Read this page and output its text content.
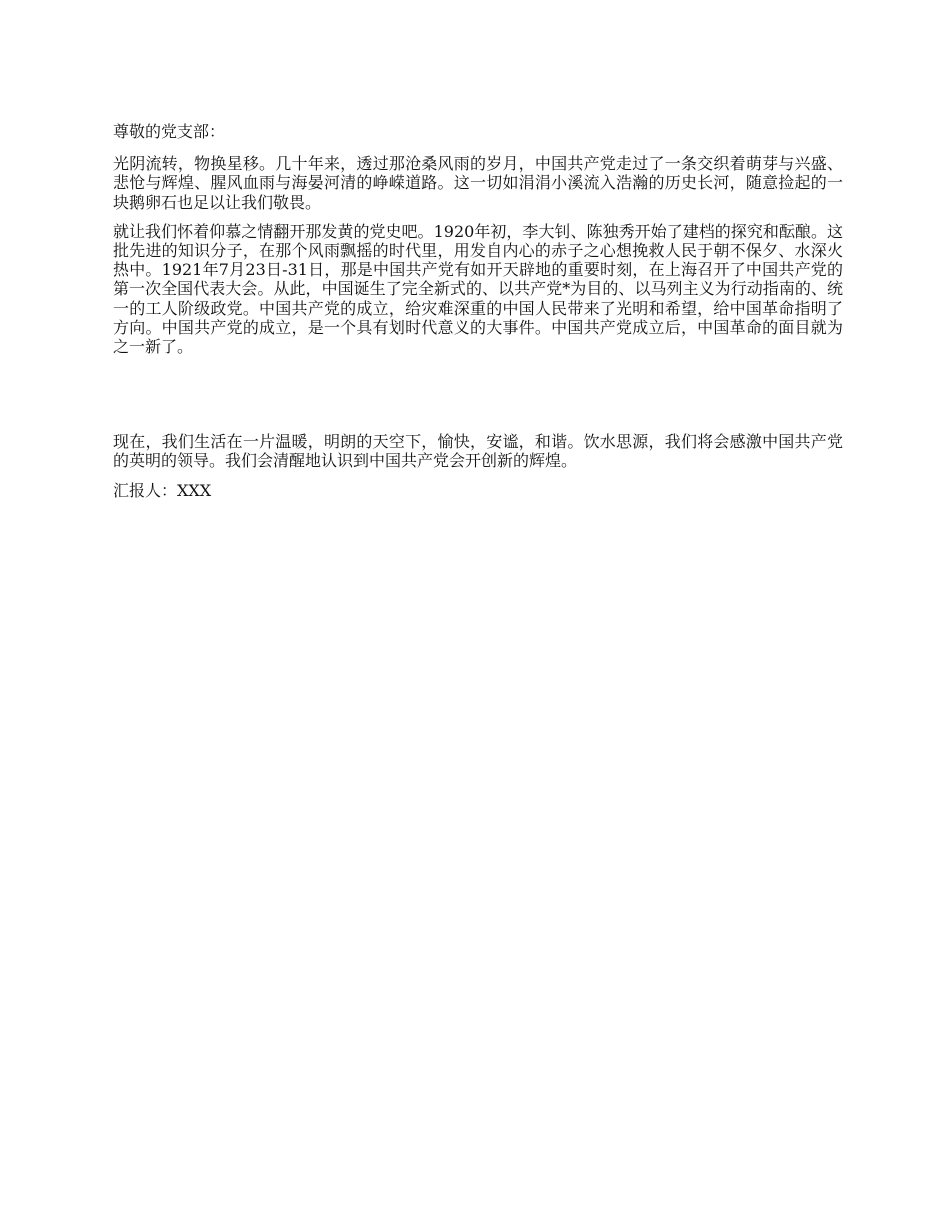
尊敬的党支部：

光阴流转，物换星移。几十年来，透过那沧桑风雨的岁月，中国共产党走过了一条交织着萌芽与兴盛、悲怆与辉煌、腥风血雨与海晏河清的峥嵘道路。这一切如涓涓小溪流入浩瀚的历史长河，随意捡起的一块鹅卵石也足以让我们敬畏。

就让我们怀着仰慕之情翻开那发黄的党史吧。1920年初，李大钊、陈独秀开始了建档的探究和酝酿。这批先进的知识分子，在那个风雨飘摇的时代里，用发自内心的赤子之心想挽救人民于朝不保夕、水深火热中。1921年7月23日-31日，那是中国共产党有如开天辟地的重要时刻，在上海召开了中国共产党的第一次全国代表大会。从此，中国诞生了完全新式的、以共产党*为目的、以马列主义为行动指南的、统一的工人阶级政党。中国共产党的成立，给灾难深重的中国人民带来了光明和希望，给中国革命指明了方向。中国共产党的成立，是一个具有划时代意义的大事件。中国共产党成立后，中国革命的面目就为之一新了。

现在，我们生活在一片温暖，明朗的天空下，愉快，安谧，和谐。饮水思源，我们将会感激中国共产党的英明的领导。我们会清醒地认识到中国共产党会开创新的辉煌。

汇报人：XXX
